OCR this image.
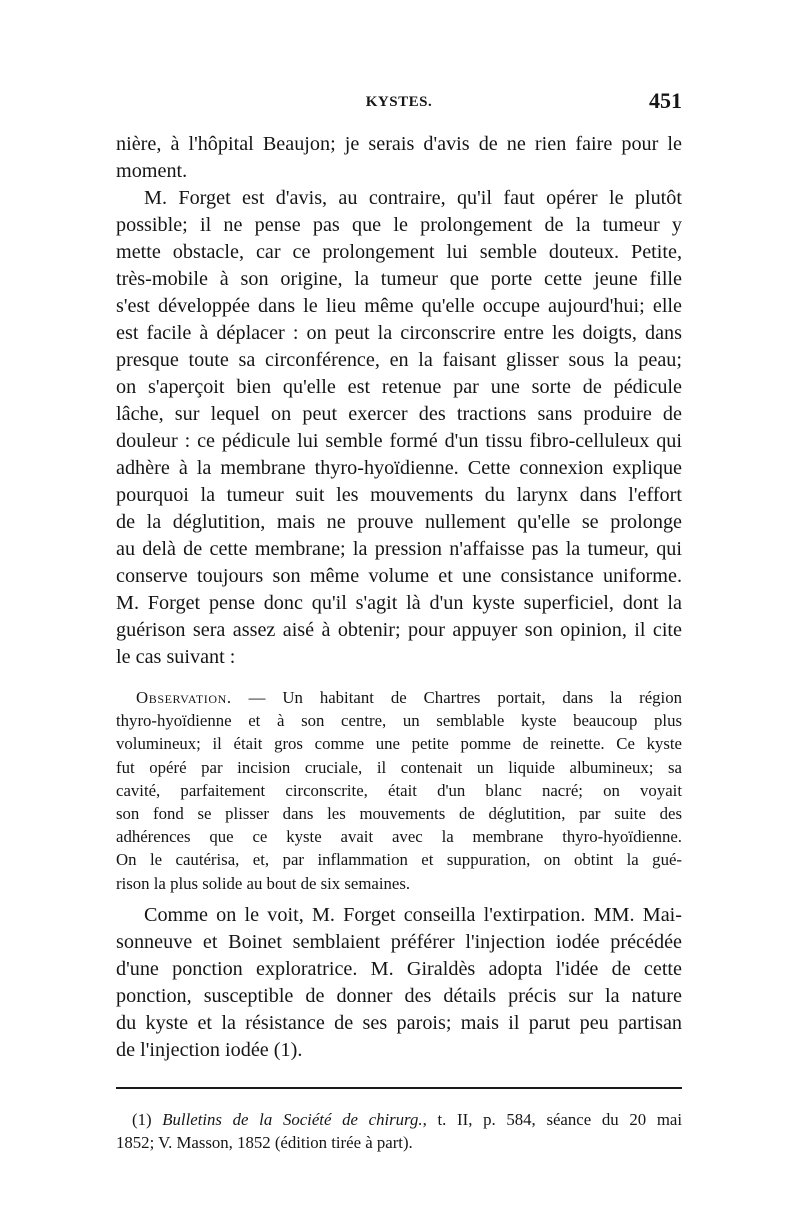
KYSTES.	451
nière, à l'hôpital Beaujon; je serais d'avis de ne rien faire pour le
moment.
M. Forget est d'avis, au contraire, qu'il faut opérer le plutôt
possible; il ne pense pas que le prolongement de la tumeur y
mette obstacle, car ce prolongement lui semble douteux. Petite,
très-mobile à son origine, la tumeur que porte cette jeune fille
s'est développée dans le lieu même qu'elle occupe aujourd'hui; elle
est facile à déplacer : on peut la circonscrire entre les doigts, dans
presque toute sa circonférence, en la faisant glisser sous la peau;
on s'aperçoit bien qu'elle est retenue par une sorte de pédicule
lâche, sur lequel on peut exercer des tractions sans produire de
douleur : ce pédicule lui semble formé d'un tissu fibro-celluleux qui
adhère à la membrane thyro-hyoïdienne. Cette connexion explique
pourquoi la tumeur suit les mouvements du larynx dans l'effort
de la déglutition, mais ne prouve nullement qu'elle se prolonge
au delà de cette membrane; la pression n'affaisse pas la tumeur, qui
conserve toujours son même volume et une consistance uniforme.
M. Forget pense donc qu'il s'agit là d'un kyste superficiel, dont la
guérison sera assez aisé à obtenir; pour appuyer son opinion, il cite
le cas suivant :
Observation. — Un habitant de Chartres portait, dans la région
thyro-hyoïdienne et à son centre, un semblable kyste beaucoup plus
volumineux; il était gros comme une petite pomme de reinette. Ce kyste
fut opéré par incision cruciale, il contenait un liquide albumineux; sa
cavité, parfaitement circonscrite, était d'un blanc nacré; on voyait
son fond se plisser dans les mouvements de déglutition, par suite des
adhérences que ce kyste avait avec la membrane thyro-hyoïdienne.
On le cautérisa, et, par inflammation et suppuration, on obtint la gué-
rison la plus solide au bout de six semaines.
Comme on le voit, M. Forget conseilla l'extirpation. MM. Mai-
sonneuve et Boinet semblaient préférer l'injection iodée précédée
d'une ponction exploratrice. M. Giraldès adopta l'idée de cette
ponction, susceptible de donner des détails précis sur la nature
du kyste et la résistance de ses parois; mais il parut peu partisan
de l'injection iodée (1).
(1) Bulletins de la Société de chirurg., t. II, p. 584, séance du 20 mai
1852; V. Masson, 1852 (édition tirée à part).
